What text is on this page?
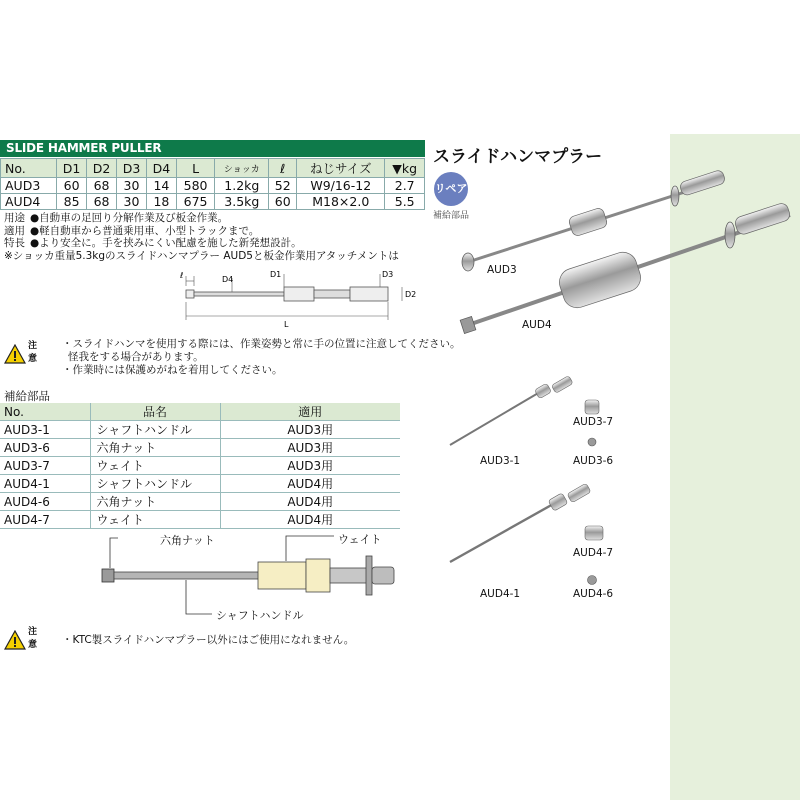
SLIDE HAMMER PULLER
No.	D1	D2	D3	D4	L	ショッカ	ℓ	ねじサイズ	▼kg
AUD3	60	68	30	14	580	1.2kg	52	W9/16-12	2.7
AUD4	85	68	30	18	675	3.5kg	60	M18×2.0	5.5
用途 ●自動車の足回り分解作業及び板金作業。
適用 ●軽自動車から普通乗用車、小型トラックまで。
特長 ●より安全に。手を挟みにくい配慮を施した新発想設計。
※ショッカ重量5.3kgのスライドハンマプラー AUD5と板金作業用アタッチメントは
ℓ	D4
D1	D3
D2
L
注意
・スライドハンマを使用する際には、作業姿勢と常に手の位置に注意してください。
怪我をする場合があります。
・作業時には保護めがねを着用してください。
補給部品
No.	品名	適用
AUD3-1	シャフトハンドル	AUD3用
AUD3-6	六角ナット	AUD3用
AUD3-7	ウェイト	AUD3用
AUD4-1	シャフトハンドル	AUD4用
AUD4-6	六角ナット	AUD4用
AUD4-7	ウェイト	AUD4用
六角ナット	ウェイト
シャフトハンドル
注意 ・KTC製スライドハンマプラー以外にはご使用になれません。
スライドハンマプラー
リペア
補給部品
AUD3
AUD4
AUD3-1
AUD3-7
AUD3-6
AUD4-7
AUD4-1	AUD4-6
